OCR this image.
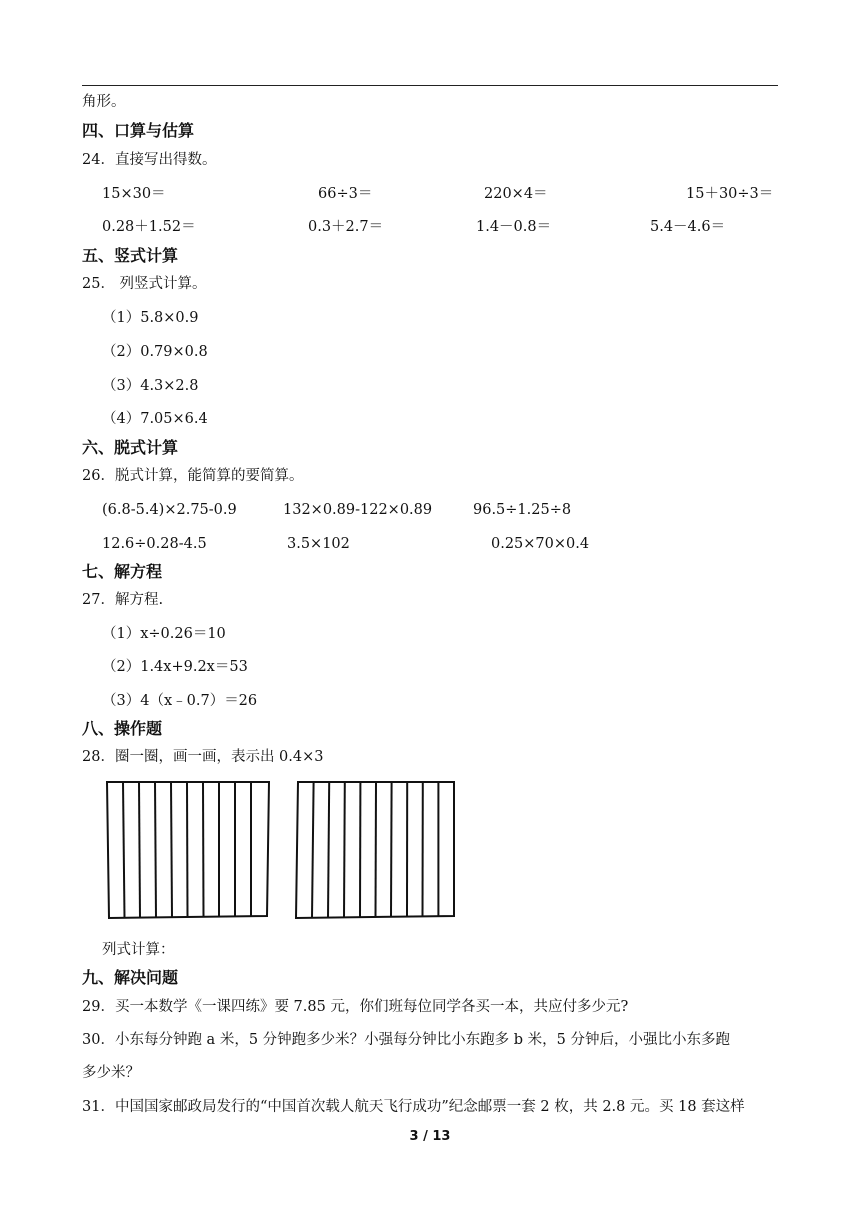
角形。
四、口算与估算
24．直接写出得数。
15×30＝	66÷3＝	220×4＝	15＋30÷3＝
0.28＋1.52＝	0.3＋2.7＝	1.4－0.8＝	5.4－4.6＝
五、竖式计算
25． 列竖式计算。
（1）5.8×0.9
（2）0.79×0.8
（3）4.3×2.8
（4）7.05×6.4
六、脱式计算
26．脱式计算，能简算的要简算。
(6.8-5.4)×2.75-0.9	132×0.89-122×0.89	96.5÷1.25÷8
12.6÷0.28-4.5	3.5×102	0.25×70×0.4
七、解方程
27．解方程.
（1）x÷0.26＝10
（2）1.4x+9.2x＝53
（3）4（x﹣0.7）＝26
八、操作题
28．圈一圈，画一画，表示出 0.4×3
列式计算：
九、解决问题
29．买一本数学《一课四练》要 7.85 元，你们班每位同学各买一本，共应付多少元?
30．小东每分钟跑 a 米，5 分钟跑多少米？小强每分钟比小东跑多 b 米，5 分钟后，小强比小东多跑
多少米？
31．中国国家邮政局发行的“中国首次载人航天飞行成功”纪念邮票一套 2 枚，共 2.8 元。买 18 套这样
3 / 13
